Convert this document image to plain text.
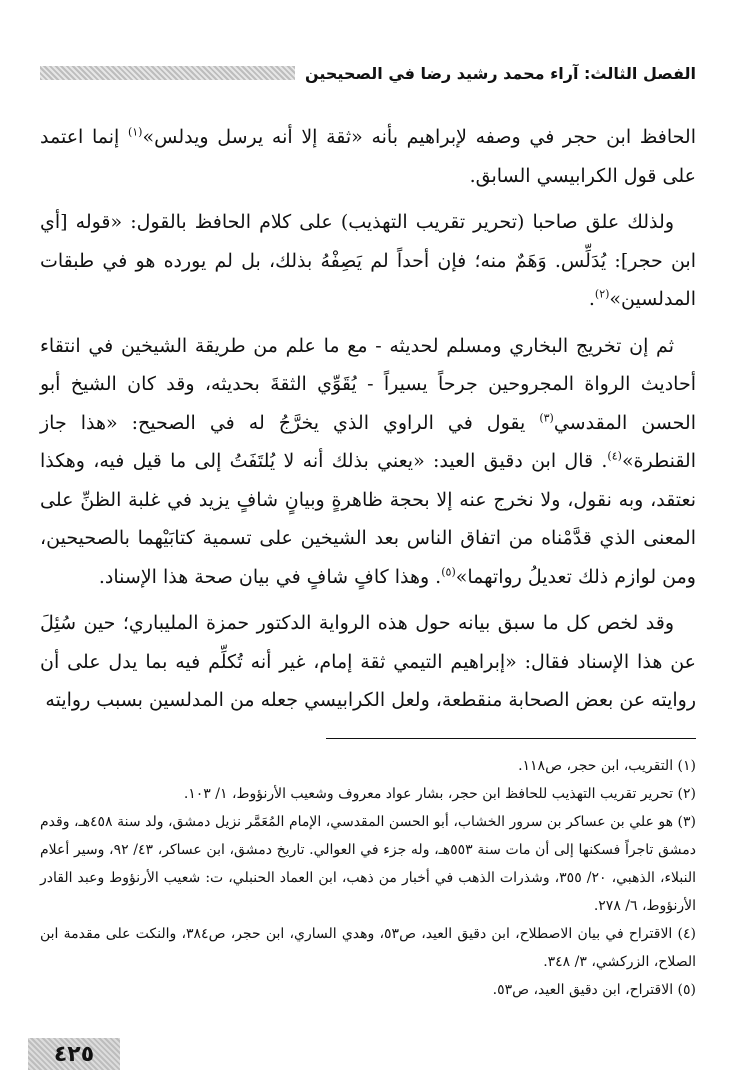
الفصل الثالث: آراء محمد رشيد رضا في الصحيحين

الحافظ ابن حجر في وصفه لإبراهيم بأنه «ثقة إلا أنه يرسل ويدلس»$^{(١)}$ إنما اعتمد على قول الكرابيسي السابق.

ولذلك علق صاحبا (تحرير تقريب التهذيب) على كلام الحافظ بالقول: «قوله [أي ابن حجر]: يُدَلِّس. وَهَمٌ منه؛ فإن أحداً لم يَصِفْهُ بذلك، بل لم يورده هو في طبقات المدلسين»$^{(٢)}$.

ثم إن تخريج البخاري ومسلم لحديثه - مع ما علم من طريقة الشيخين في انتقاء أحاديث الرواة المجروحين جرحاً يسيراً - يُقَوِّي الثقةَ بحديثه، وقد كان الشيخ أبو الحسن المقدسي$^{(٣)}$ يقول في الراوي الذي يخرَّجُ له في الصحيح: «هذا جاز القنطرة»$^{(٤)}$. قال ابن دقيق العيد: «يعني بذلك أنه لا يُلتَفَتُ إلى ما قيل فيه، وهكذا نعتقد، وبه نقول، ولا نخرج عنه إلا بحجة ظاهرةٍ وبيانٍ شافٍ يزيد في غلبة الظنِّ على المعنى الذي قدَّمْناه من اتفاق الناس بعد الشيخين على تسمية كتابَيْهما بالصحيحين، ومن لوازم ذلك تعديلُ رواتهما»$^{(٥)}$. وهذا كافٍ شافٍ في بيان صحة هذا الإسناد.

وقد لخص كل ما سبق بيانه حول هذه الرواية الدكتور حمزة المليباري؛ حين سُئِلَ عن هذا الإسناد فقال: «إبراهيم التيمي ثقة إمام، غير أنه تُكلِّم فيه بما يدل على أن روايته عن بعض الصحابة منقطعة، ولعل الكرابيسي جعله من المدلسين بسبب روايته

(١) التقريب، ابن حجر، ص١١٨.

(٢) تحرير تقريب التهذيب للحافظ ابن حجر، بشار عواد معروف وشعيب الأرنؤوط، ١/ ١٠٣.

(٣) هو علي بن عساكر بن سرور الخشاب، أبو الحسن المقدسي، الإمام المُعَمَّر نزيل دمشق، ولد سنة ٤٥٨هـ، وقدم دمشق تاجراً فسكنها إلى أن مات سنة ٥٥٣هـ، وله جزء في العوالي. تاريخ دمشق، ابن عساكر، ٤٣/ ٩٢، وسير أعلام النبلاء، الذهبي، ٢٠/ ٣٥٥، وشذرات الذهب في أخبار من ذهب، ابن العماد الحنبلي، ت: شعيب الأرنؤوط وعبد القادر الأرنؤوط، ٦/ ٢٧٨.

(٤) الاقتراح في بيان الاصطلاح، ابن دقيق العيد، ص٥٣، وهدي الساري، ابن حجر، ص٣٨٤، والنكت على مقدمة ابن الصلاح، الزركشي، ٣/ ٣٤٨.

(٥) الاقتراح، ابن دقيق العيد، ص٥٣.

٤٢٥
